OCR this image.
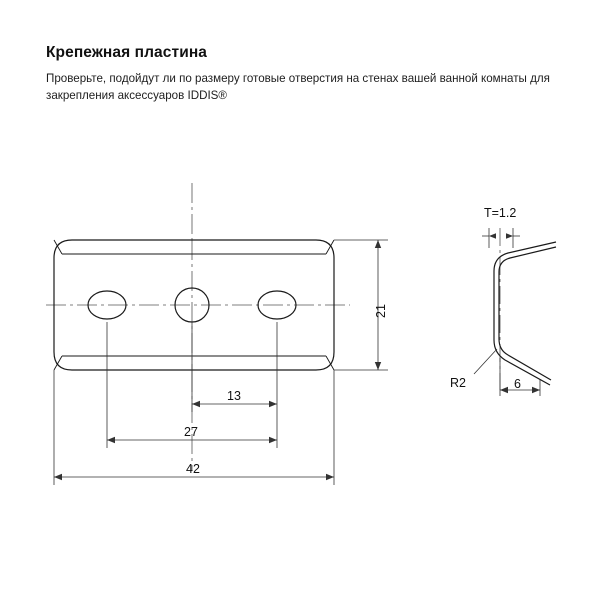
Крепежная пластина
Проверьте, подойдут ли по размеру готовые отверстия на стенах вашей ванной комнаты для закрепления аксессуаров IDDIS®
21
13
27
42
T=1.2
R2	6
